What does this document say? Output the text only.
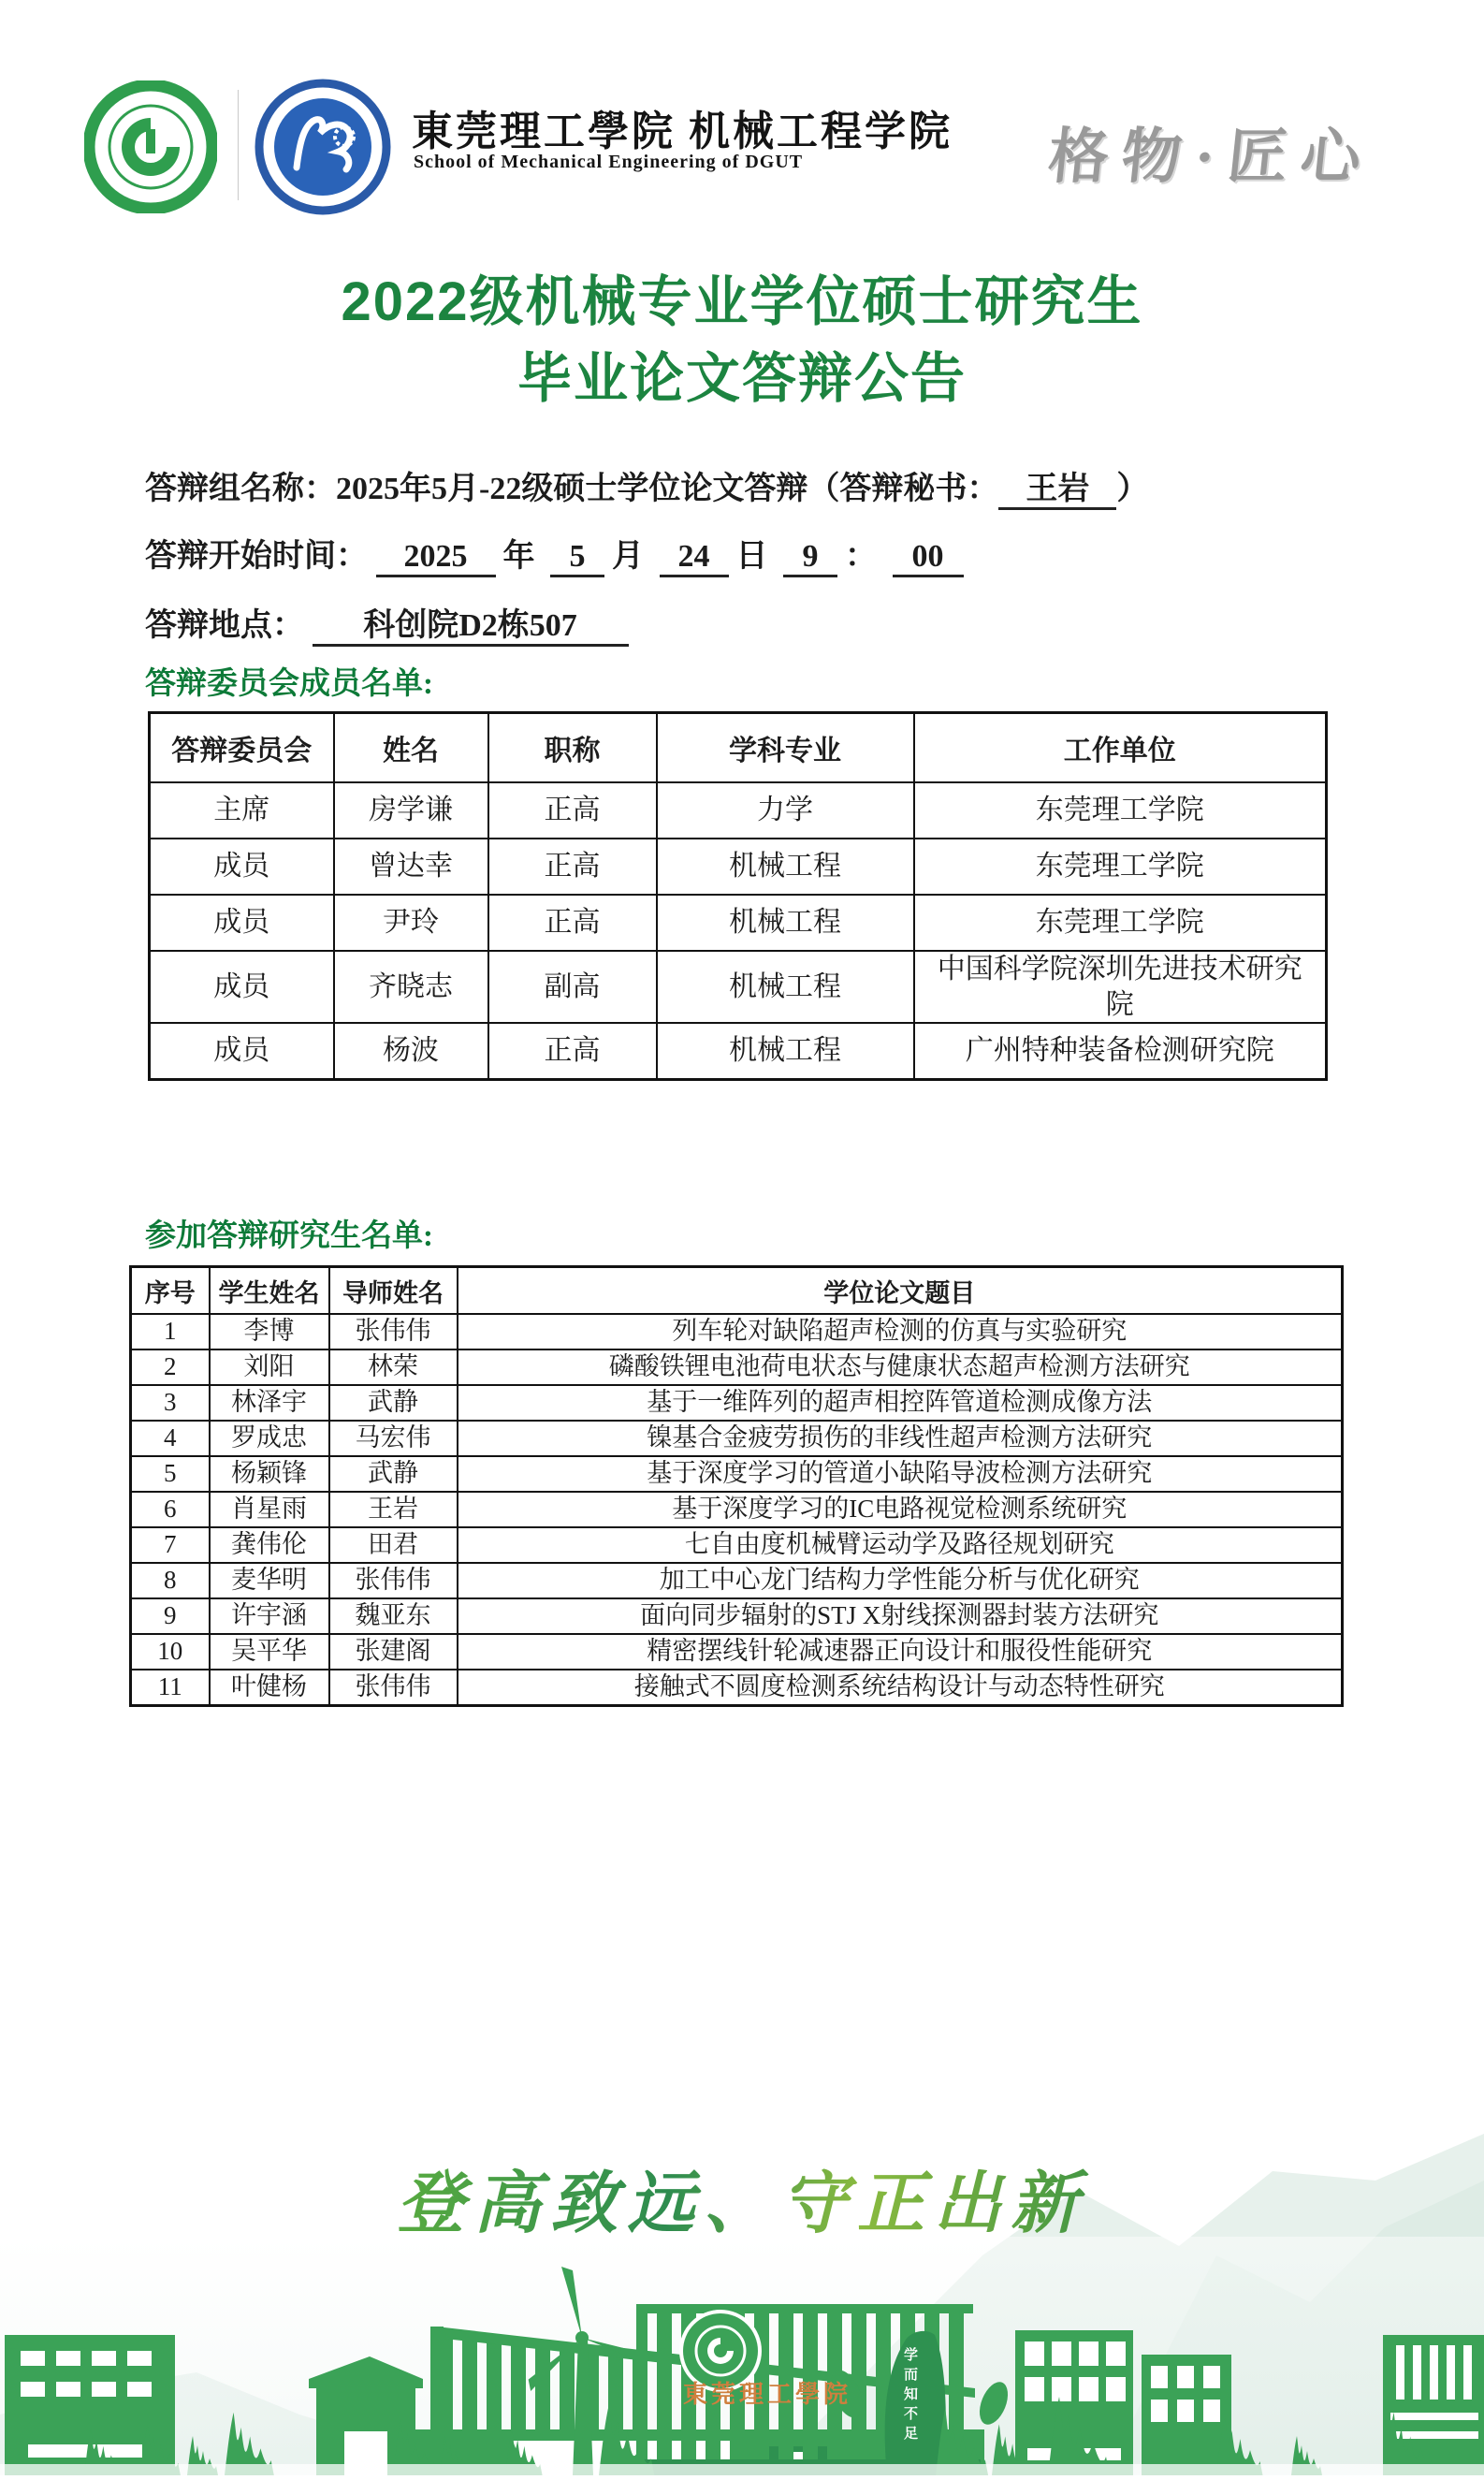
東莞理工學院 机械工程学院
School of Mechanical Engineering of DGUT	格物·匠心
2022级机械专业学位硕士研究生
毕业论文答辩公告
答辩组名称：2025年5月-22级硕士学位论文答辩（答辩秘书： 王岩 ）
答辩开始时间： 2025 年 5 月 24 日 9 ： 00
答辩地点： 科创院D2栋507
答辩委员会成员名单:
答辩委员会	姓名	职称	学科专业	工作单位
主席	房学谦	正高	力学	东莞理工学院
成员	曾达幸	正高	机械工程	东莞理工学院
成员	尹玲	正高	机械工程	东莞理工学院
成员	齐晓志	副高	机械工程	中国科学院深圳先进技术研究院
成员	杨波	正高	机械工程	广州特种装备检测研究院
参加答辩研究生名单:
序号	学生姓名	导师姓名	学位论文题目
1	李博	张伟伟	列车轮对缺陷超声检测的仿真与实验研究
2	刘阳	林荣	磷酸铁锂电池荷电状态与健康状态超声检测方法研究
3	林泽宇	武静	基于一维阵列的超声相控阵管道检测成像方法
4	罗成忠	马宏伟	镍基合金疲劳损伤的非线性超声检测方法研究
5	杨颖锋	武静	基于深度学习的管道小缺陷导波检测方法研究
6	肖星雨	王岩	基于深度学习的IC电路视觉检测系统研究
7	龚伟伦	田君	七自由度机械臂运动学及路径规划研究
8	麦华明	张伟伟	加工中心龙门结构力学性能分析与优化研究
9	许宇涵	魏亚东	面向同步辐射的STJ X射线探测器封装方法研究
10	吴平华	张建阁	精密摆线针轮减速器正向设计和服役性能研究
11	叶健杨	张伟伟	接触式不圆度检测系统结构设计与动态特性研究
登高致远、守正出新
東莞理工學院	学而知不足
